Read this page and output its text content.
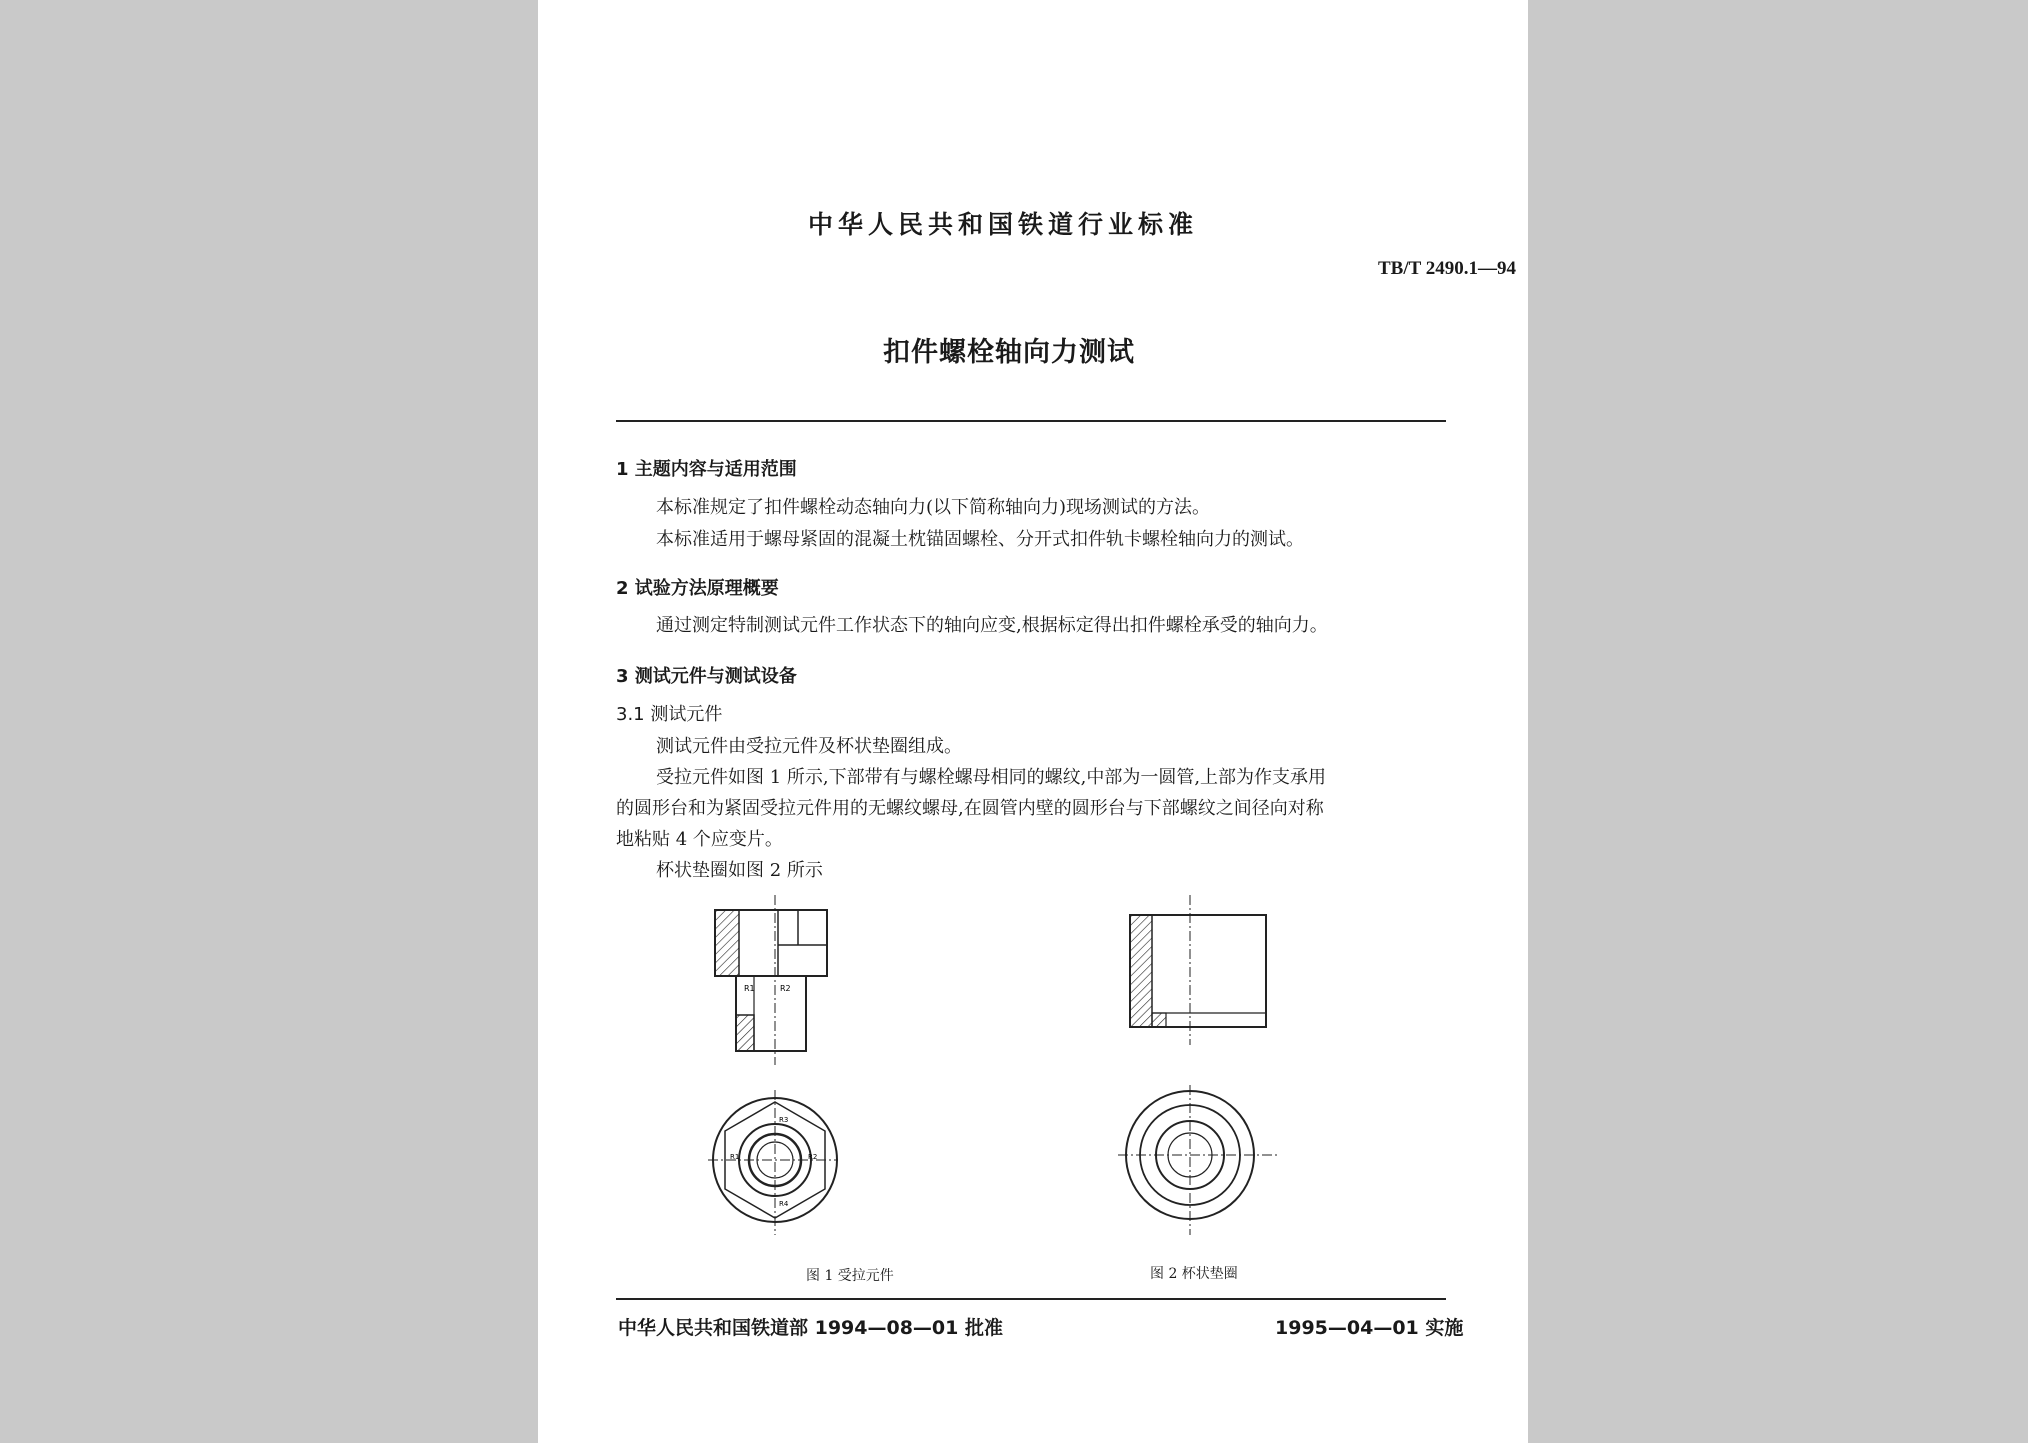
中华人民共和国铁道行业标准
TB/T 2490.1—94
扣件螺栓轴向力测试
1 主题内容与适用范围
本标准规定了扣件螺栓动态轴向力(以下简称轴向力)现场测试的方法。
本标准适用于螺母紧固的混凝土枕锚固螺栓、分开式扣件轨卡螺栓轴向力的测试。
2 试验方法原理概要
通过测定特制测试元件工作状态下的轴向应变,根据标定得出扣件螺栓承受的轴向力。
3 测试元件与测试设备
3.1 测试元件
测试元件由受拉元件及杯状垫圈组成。
受拉元件如图 1 所示,下部带有与螺栓螺母相同的螺纹,中部为一圆管,上部为作支承用
的圆形台和为紧固受拉元件用的无螺纹螺母,在圆管内壁的圆形台与下部螺纹之间径向对称
地粘贴 4 个应变片。
杯状垫圈如图 2 所示
R1	R2
R3
R1	R2
R4
图 1 受拉元件	图 2 杯状垫圈
中华人民共和国铁道部 1994—08—01 批准	1995—04—01 实施
